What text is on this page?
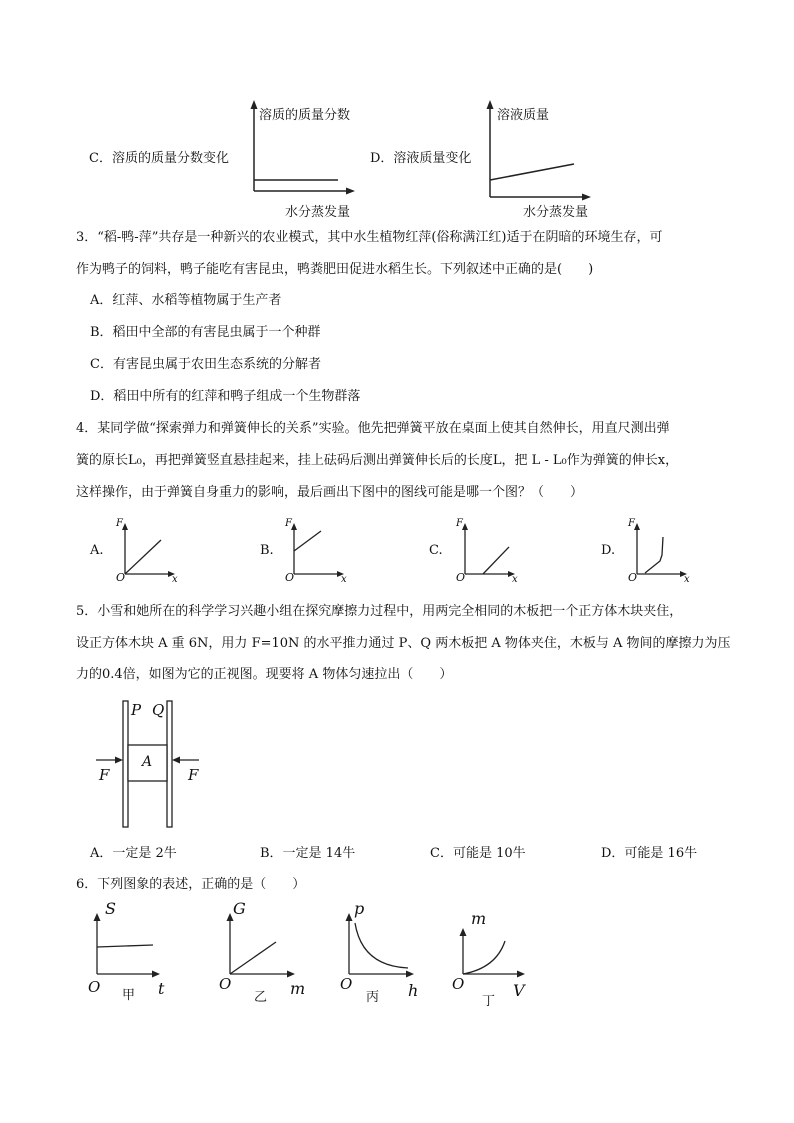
C．溶质的质量分数变化
溶质的质量分数
水分蒸发量
D．溶液质量变化
溶液质量
水分蒸发量
3．“稻-鸭-萍”共存是一种新兴的农业模式，其中水生植物红萍(俗称满江红)适于在阴暗的环境生存，可
作为鸭子的饲料，鸭子能吃有害昆虫，鸭粪肥田促进水稻生长。下列叙述中正确的是(　　)
A．红萍、水稻等植物属于生产者
B．稻田中全部的有害昆虫属于一个种群
C．有害昆虫属于农田生态系统的分解者
D．稻田中所有的红萍和鸭子组成一个生物群落
4．某同学做“探索弹力和弹簧伸长的关系”实验。他先把弹簧平放在桌面上使其自然伸长，用直尺测出弹
簧的原长L₀，再把弹簧竖直悬挂起来，挂上砝码后测出弹簧伸长后的长度L，把 L - L₀作为弹簧的伸长x，
这样操作，由于弹簧自身重力的影响，最后画出下图中的图线可能是哪一个图？（　　）
A.
F
O	x
B.
F
O	x
C.
F
O	x
D.
F
O	x
5．小雪和她所在的科学学习兴趣小组在探究摩擦力过程中，用两完全相同的木板把一个正方体木块夹住，
设正方体木块 A 重 6N，用力 F=10N 的水平推力通过 P、Q 两木板把 A 物体夹住，木板与 A 物间的摩擦力为压
力的0.4倍，如图为它的正视图。现要将 A 物体匀速拉出（　　）
P Q
A
F	F
A．一定是 2牛	B．一定是 14牛	C．可能是 10牛	D．可能是 16牛
6．下列图象的表述，正确的是（　　）
S
O	t
甲
G
O	m
乙
p
O	h
丙
m
O	V
丁
